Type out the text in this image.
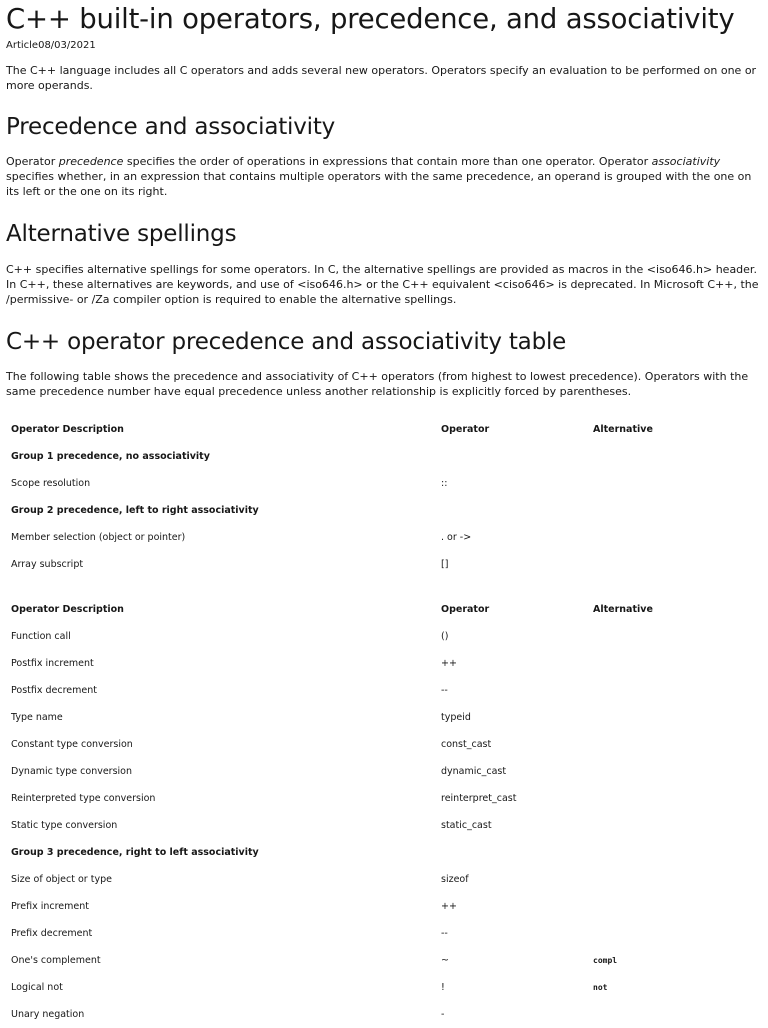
C++ built-in operators, precedence, and associativity
Article08/03/2021

The C++ language includes all C operators and adds several new operators. Operators specify an evaluation to be performed on one or more operands.

Precedence and associativity

Operator precedence specifies the order of operations in expressions that contain more than one operator. Operator associativity specifies whether, in an expression that contains multiple operators with the same precedence, an operand is grouped with the one on its left or the one on its right.

Alternative spellings

C++ specifies alternative spellings for some operators. In C, the alternative spellings are provided as macros in the <iso646.h> header. In C++, these alternatives are keywords, and use of <iso646.h> or the C++ equivalent <ciso646> is deprecated. In Microsoft C++, the /permissive- or /Za compiler option is required to enable the alternative spellings.

C++ operator precedence and associativity table

The following table shows the precedence and associativity of C++ operators (from highest to lowest precedence). Operators with the same precedence number have equal precedence unless another relationship is explicitly forced by parentheses.

Operator Description	Operator	Alternative
Group 1 precedence, no associativity		
Scope resolution	::	
Group 2 precedence, left to right associativity		
Member selection (object or pointer)	. or ->	
Array subscript	[]	
Operator Description	Operator	Alternative
Function call	()	
Postfix increment	++	
Postfix decrement	--	
Type name	typeid	
Constant type conversion	const_cast	
Dynamic type conversion	dynamic_cast	
Reinterpreted type conversion	reinterpret_cast	
Static type conversion	static_cast	
Group 3 precedence, right to left associativity		
Size of object or type	sizeof	
Prefix increment	++	
Prefix decrement	--	
One's complement	~	compl
Logical not	!	not
Unary negation	-	
